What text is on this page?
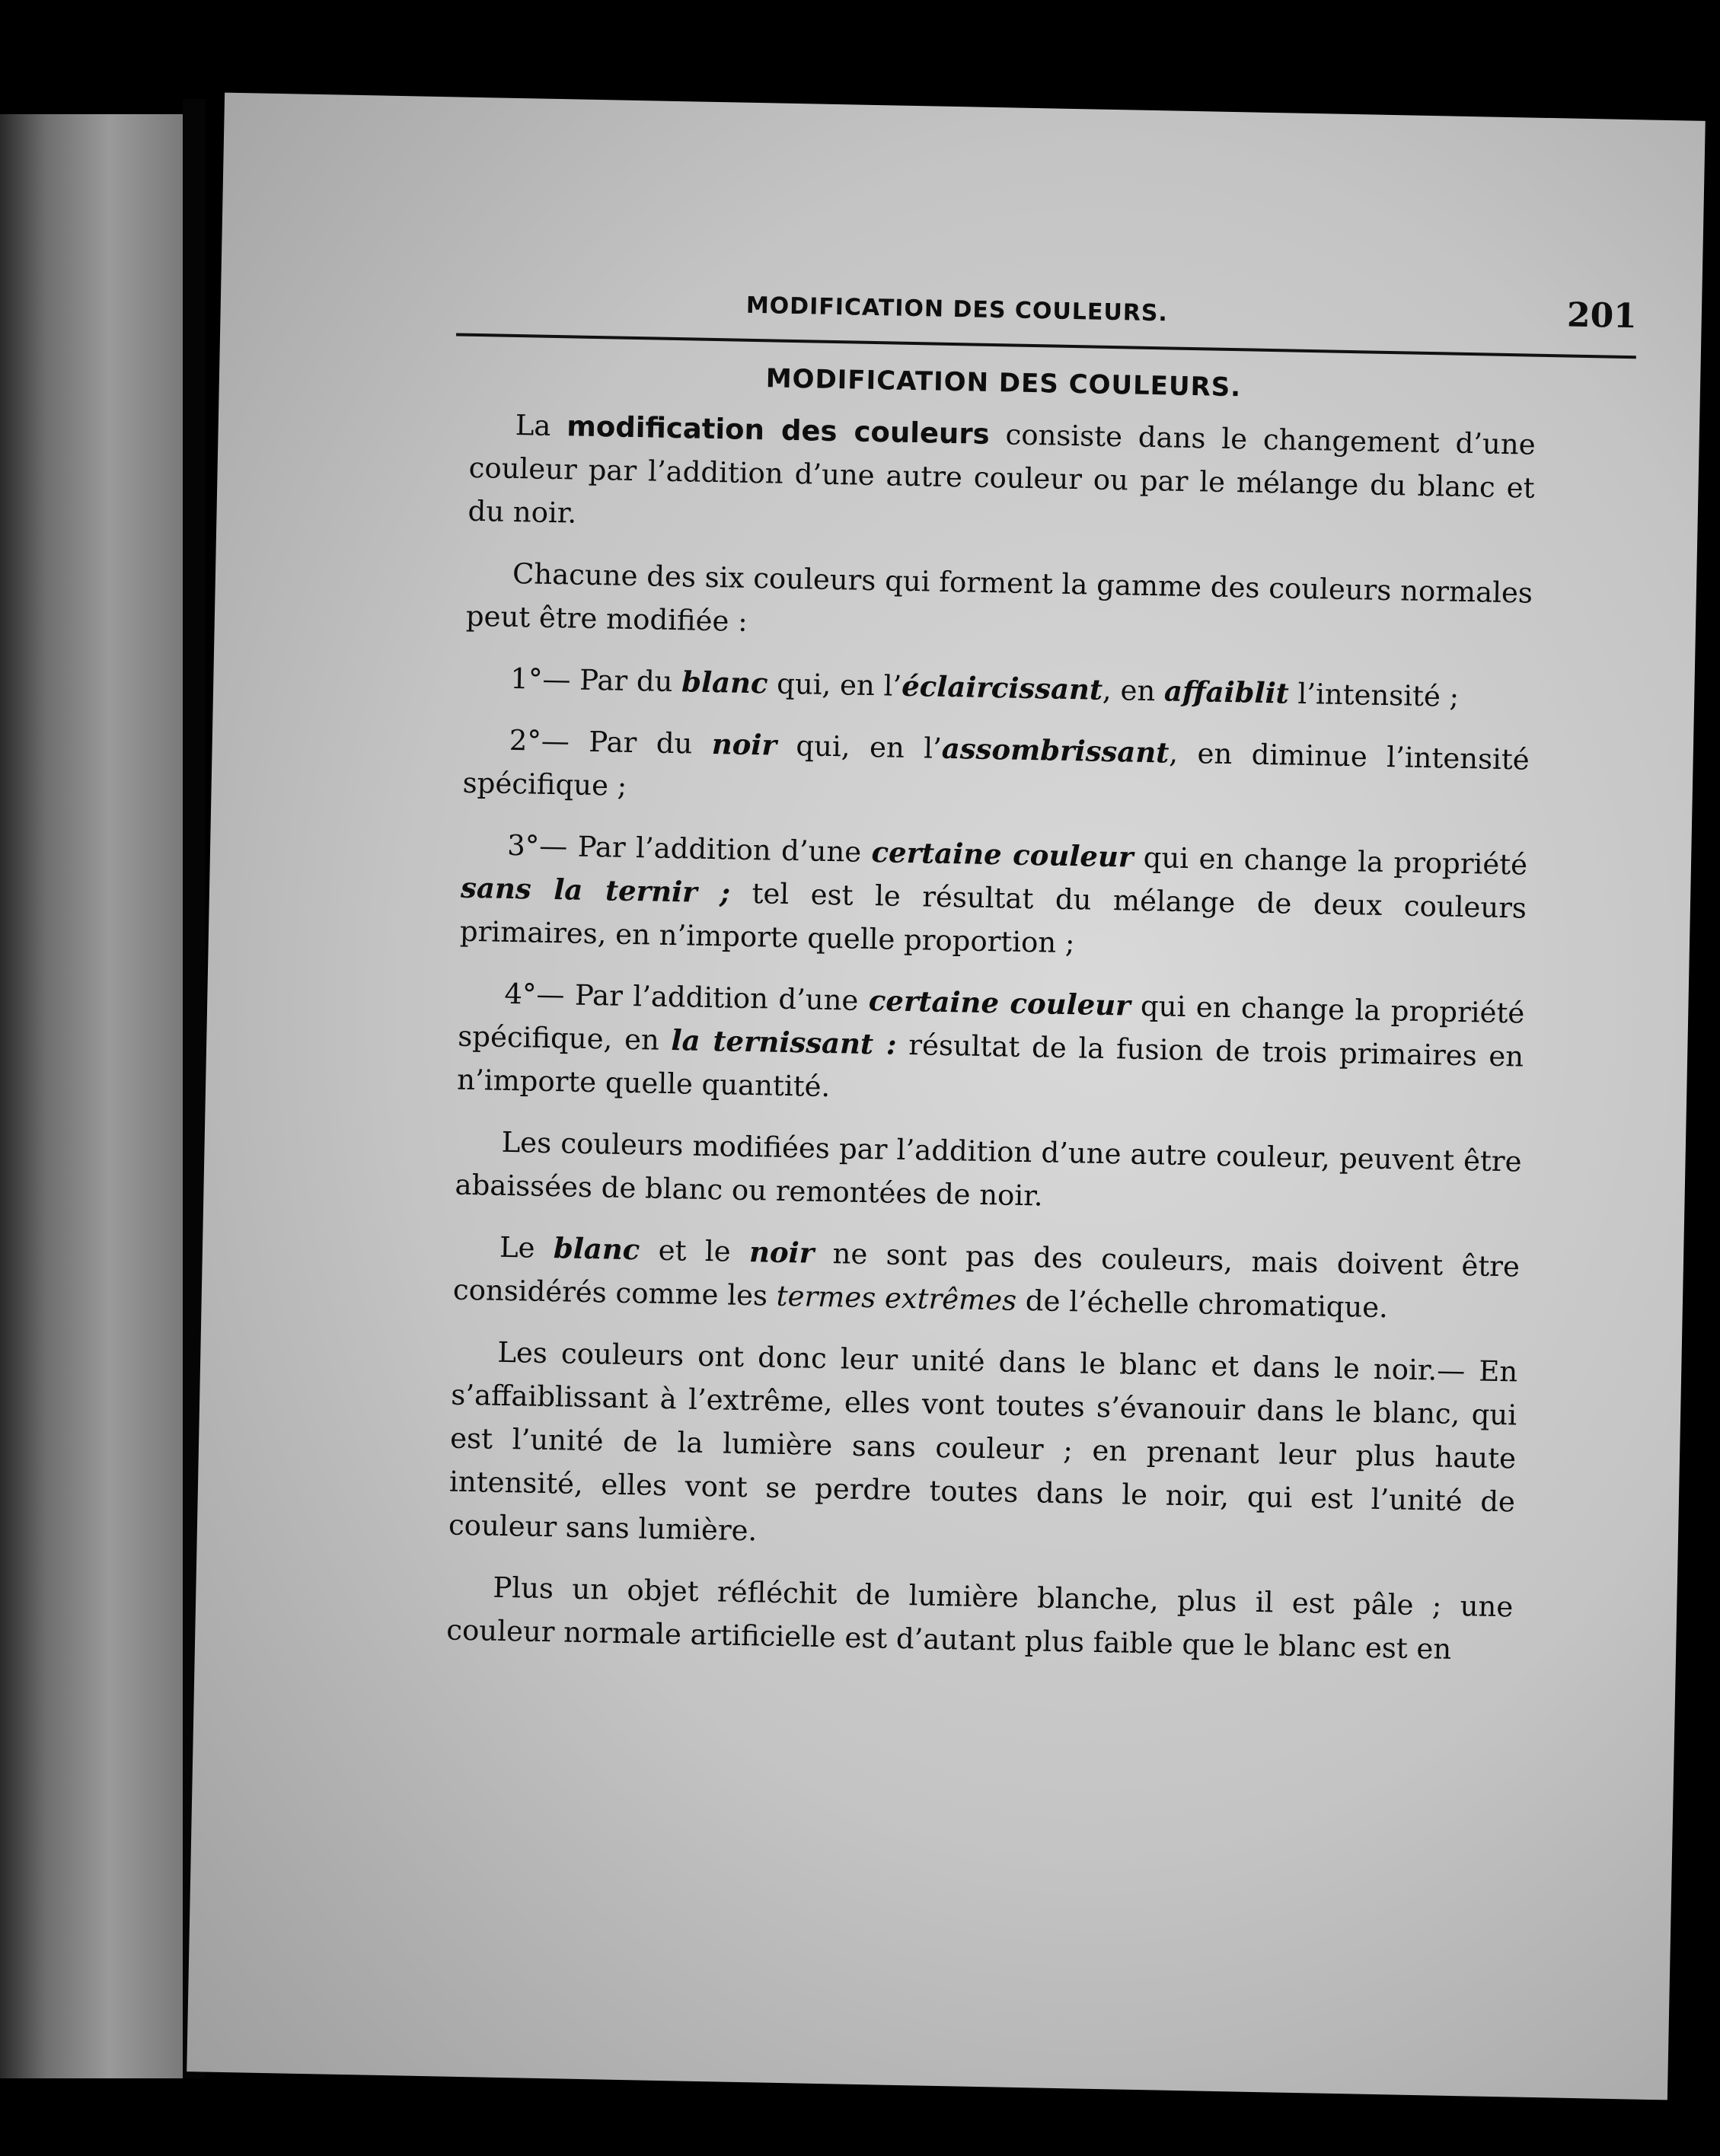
MODIFICATION DES COULEURS.	201
MODIFICATION DES COULEURS.

La modification des couleurs consiste dans le changement d’une couleur par l’addition d’une autre couleur ou par le mélange du blanc et du noir.

Chacune des six couleurs qui forment la gamme des couleurs normales peut être modifiée :

1°— Par du blanc qui, en l’éclaircissant, en affaiblit l’intensité ;

2°— Par du noir qui, en l’assombrissant, en diminue l’intensité spécifique ;

3°— Par l’addition d’une certaine couleur qui en change la propriété sans la ternir ; tel est le résultat du mélange de deux couleurs primaires, en n’importe quelle proportion ;

4°— Par l’addition d’une certaine couleur qui en change la propriété spécifique, en la ternissant : résultat de la fusion de trois primaires en n’importe quelle quantité.

Les couleurs modifiées par l’addition d’une autre couleur, peuvent être abaissées de blanc ou remontées de noir.

Le blanc et le noir ne sont pas des couleurs, mais doivent être considérés comme les termes extrêmes de l’échelle chromatique.

Les couleurs ont donc leur unité dans le blanc et dans le noir.— En s’affaiblissant à l’extrême, elles vont toutes s’évanouir dans le blanc, qui est l’unité de la lumière sans couleur ; en prenant leur plus haute intensité, elles vont se perdre toutes dans le noir, qui est l’unité de couleur sans lumière.

Plus un objet réfléchit de lumière blanche, plus il est pâle ; une couleur normale artificielle est d’autant plus faible que le blanc est en
